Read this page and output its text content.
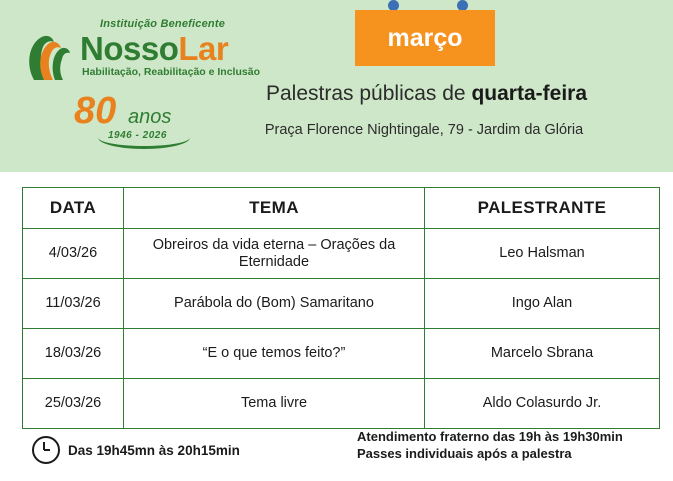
Instituição Beneficente
NossoLar
Habilitação, Reabilitação e Inclusão
80 anos
1946 - 2026
março
Palestras públicas de quarta-feira
Praça Florence Nightingale, 79 - Jardim da Glória
DATA	TEMA	PALESTRANTE
4/03/26	Obreiros da vida eterna – Orações da Eternidade	Leo Halsman
11/03/26	Parábola do (Bom) Samaritano	Ingo Alan
18/03/26	“E o que temos feito?”	Marcelo Sbrana
25/03/26	Tema livre	Aldo Colasurdo Jr.
Das 19h45mn às 20h15min
Atendimento fraterno das 19h às 19h30min
Passes individuais após a palestra
